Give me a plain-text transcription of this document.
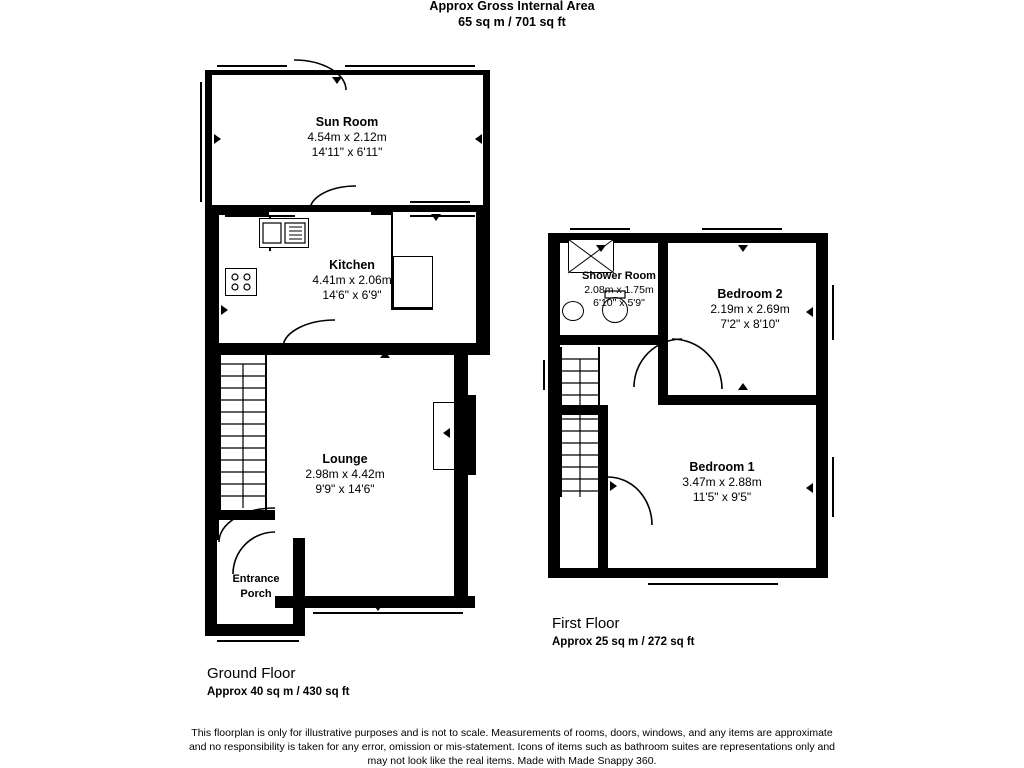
Approx Gross Internal Area
65 sq m / 701 sq ft
Sun Room
4.54m x 2.12m
14'11" x 6'11"
Kitchen
4.41m x 2.06m
14'6" x 6'9"
Lounge
2.98m x 4.42m
9'9" x 14'6"
Entrance
Porch
Ground Floor
Approx 40 sq m / 430 sq ft
Shower Room
2.08m x 1.75m
6'10" x 5'9"
Bedroom 2
2.19m x 2.69m
7'2" x 8'10"
Bedroom 1
3.47m x 2.88m
11'5" x 9'5"
First Floor
Approx 25 sq m / 272 sq ft
This floorplan is only for illustrative purposes and is not to scale. Measurements of rooms, doors, windows, and any items are approximate
and no responsibility is taken for any error, omission or mis-statement. Icons of items such as bathroom suites are representations only and
may not look like the real items. Made with Made Snappy 360.
